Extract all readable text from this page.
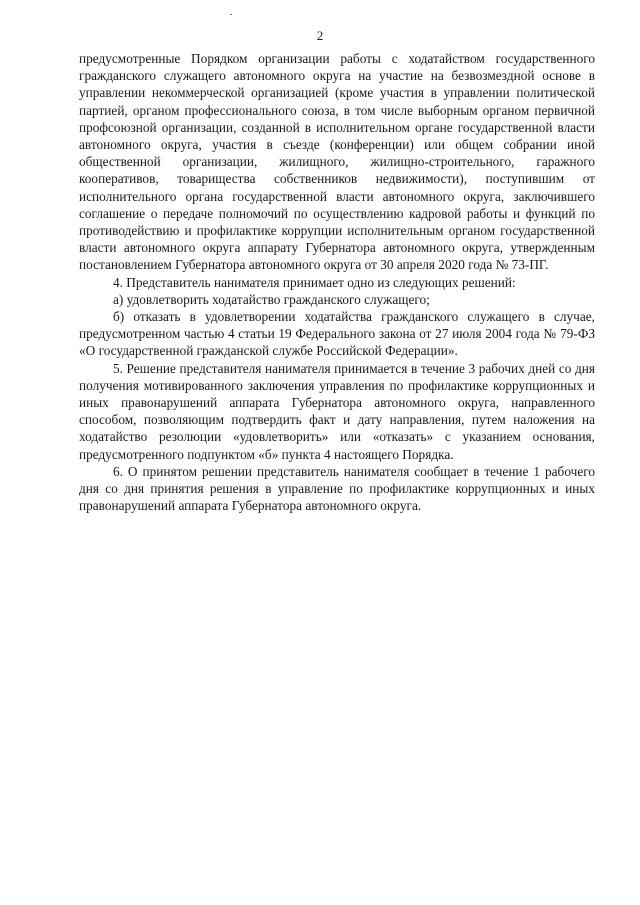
2

предусмотренные Порядком организации работы с ходатайством государственного гражданского служащего автономного округа на участие на безвозмездной основе в управлении некоммерческой организацией (кроме участия в управлении политической партией, органом профессионального союза, в том числе выборным органом первичной профсоюзной организации, созданной в исполнительном органе государственной власти автономного округа, участия в съезде (конференции) или общем собрании иной общественной организации, жилищного, жилищно-строительного, гаражного кооперативов, товарищества собственников недвижимости), поступившим от исполнительного органа государственной власти автономного округа, заключившего соглашение о передаче полномочий по осуществлению кадровой работы и функций по противодействию и профилактике коррупции исполнительным органом государственной власти автономного округа аппарату Губернатора автономного округа, утвержденным постановлением Губернатора автономного округа от 30 апреля 2020 года № 73-ПГ.

4. Представитель нанимателя принимает одно из следующих решений:

а) удовлетворить ходатайство гражданского служащего;

б) отказать в удовлетворении ходатайства гражданского служащего в случае, предусмотренном частью 4 статьи 19 Федерального закона от 27 июля 2004 года № 79-ФЗ «О государственной гражданской службе Российской Федерации».

5. Решение представителя нанимателя принимается в течение 3 рабочих дней со дня получения мотивированного заключения управления по профилактике коррупционных и иных правонарушений аппарата Губернатора автономного округа, направленного способом, позволяющим подтвердить факт и дату направления, путем наложения на ходатайство резолюции «удовлетворить» или «отказать» с указанием основания, предусмотренного подпунктом «б» пункта 4 настоящего Порядка.

6. О принятом решении представитель нанимателя сообщает в течение 1 рабочего дня со дня принятия решения в управление по профилактике коррупционных и иных правонарушений аппарата Губернатора автономного округа.
